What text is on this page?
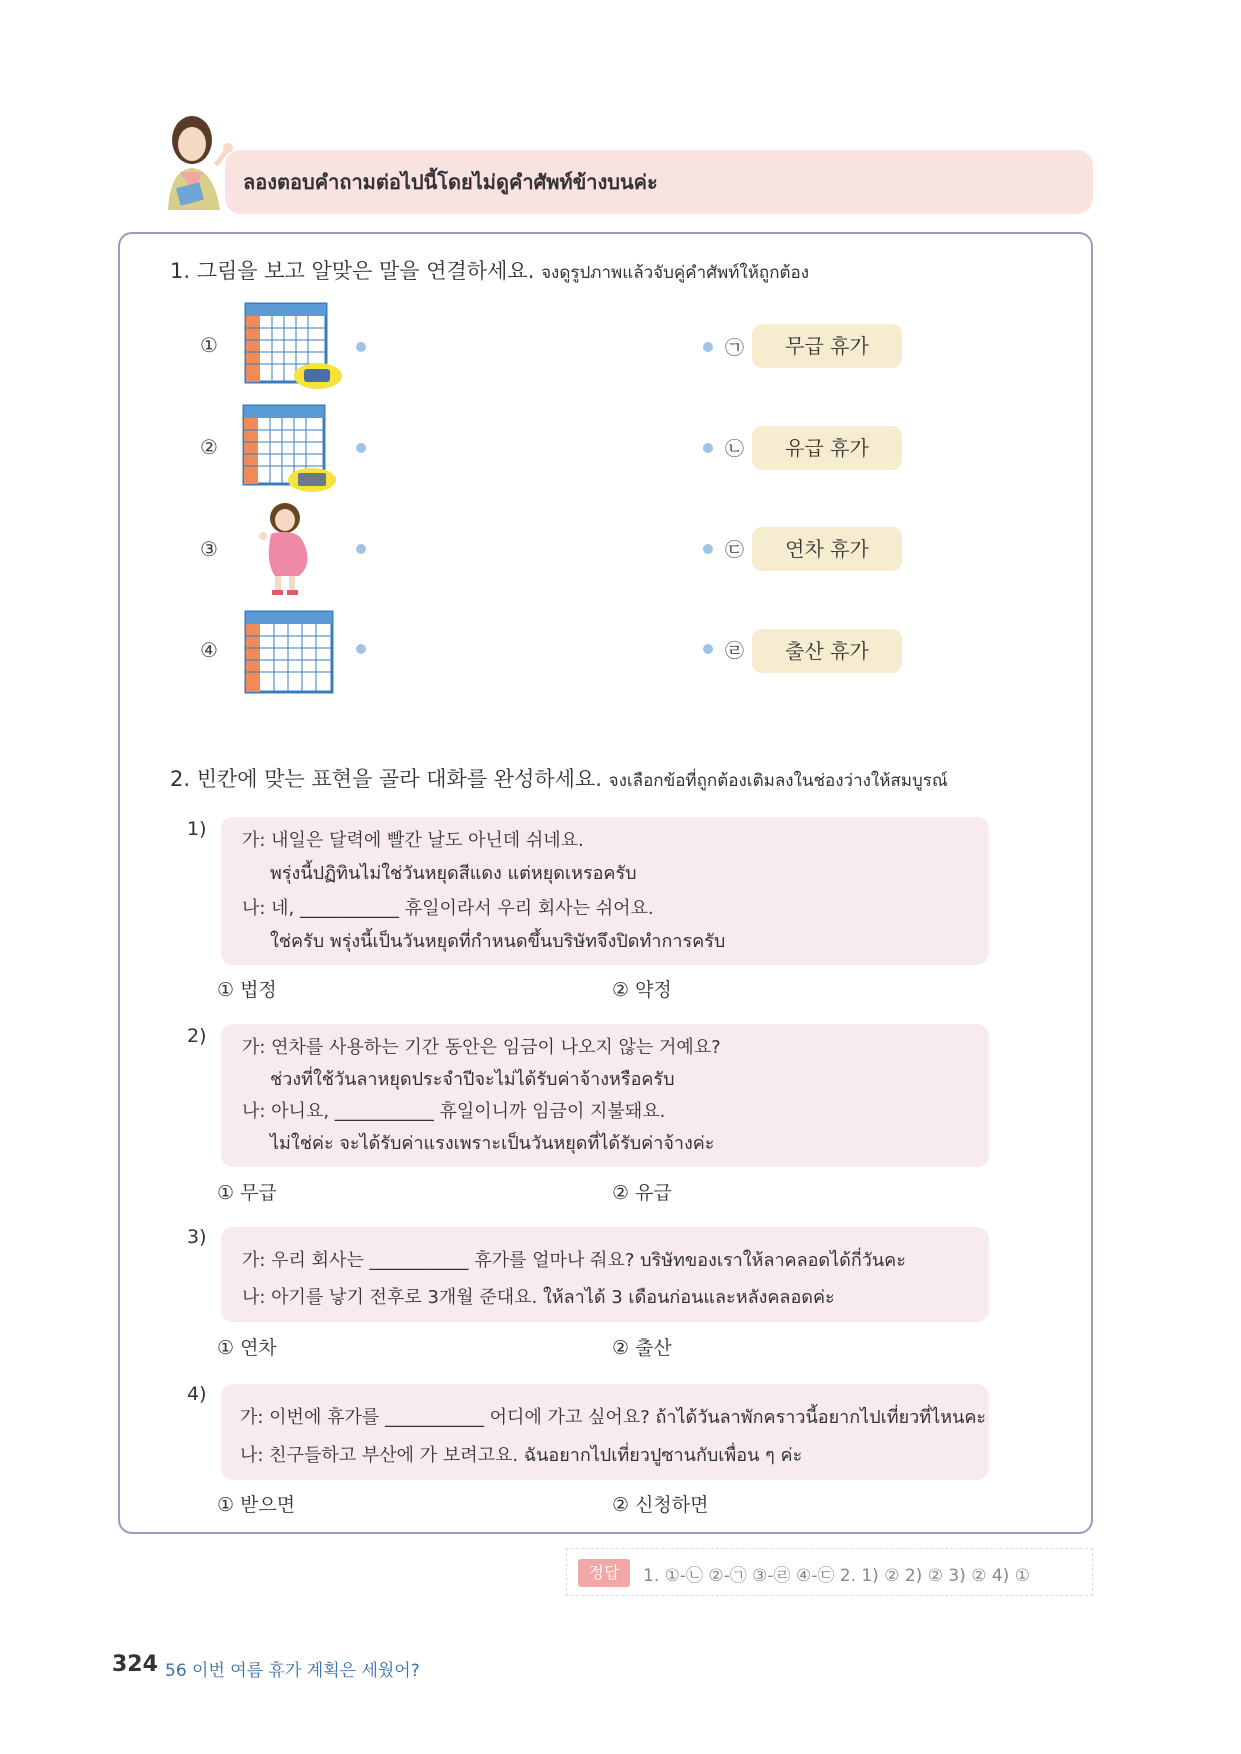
ลองตอบคำถามต่อไปนี้โดยไม่ดูคำศัพท์ข้างบนค่ะ
1. 그림을 보고 알맞은 말을 연결하세요. จงดูรูปภาพแล้วจับคู่คำศัพท์ให้ถูกต้อง
①	㉠	무급 휴가
②	㉡	유급 휴가
③	㉢	연차 휴가
④	㉣	출산 휴가
2. 빈칸에 맞는 표현을 골라 대화를 완성하세요. จงเลือกข้อที่ถูกต้องเติมลงในช่องว่างให้สมบูรณ์
1)
가: 내일은 달력에 빨간 날도 아닌데 쉬네요.
พรุ่งนี้ปฏิทินไม่ใช่วันหยุดสีแดง แต่หยุดเหรอครับ
나: 네, ___________ 휴일이라서 우리 회사는 쉬어요.
ใช่ครับ พรุ่งนี้เป็นวันหยุดที่กำหนดขึ้นบริษัทจึงปิดทำการครับ
① 법정	② 약정
2)
가: 연차를 사용하는 기간 동안은 임금이 나오지 않는 거예요?
ช่วงที่ใช้วันลาหยุดประจำปีจะไม่ได้รับค่าจ้างหรือครับ
나: 아니요, ___________ 휴일이니까 임금이 지불돼요.
ไม่ใช่ค่ะ จะได้รับค่าแรงเพราะเป็นวันหยุดที่ได้รับค่าจ้างค่ะ
① 무급	② 유급
3)
가: 우리 회사는 ___________ 휴가를 얼마나 줘요? บริษัทของเราให้ลาคลอดได้กี่วันคะ
나: 아기를 낳기 전후로 3개월 준대요. ให้ลาได้ 3 เดือนก่อนและหลังคลอดค่ะ
① 연차	② 출산
4)
가: 이번에 휴가를 ___________ 어디에 가고 싶어요? ถ้าได้วันลาพักคราวนี้อยากไปเที่ยวที่ไหนคะ
나: 친구들하고 부산에 가 보려고요. ฉันอยากไปเที่ยวปูซานกับเพื่อน ๆ ค่ะ
① 받으면	② 신청하면
정답	1. ①-㉡ ②-㉠ ③-㉣ ④-㉢ 2. 1) ② 2) ② 3) ② 4) ①
324 56 이번 여름 휴가 계획은 세웠어?
